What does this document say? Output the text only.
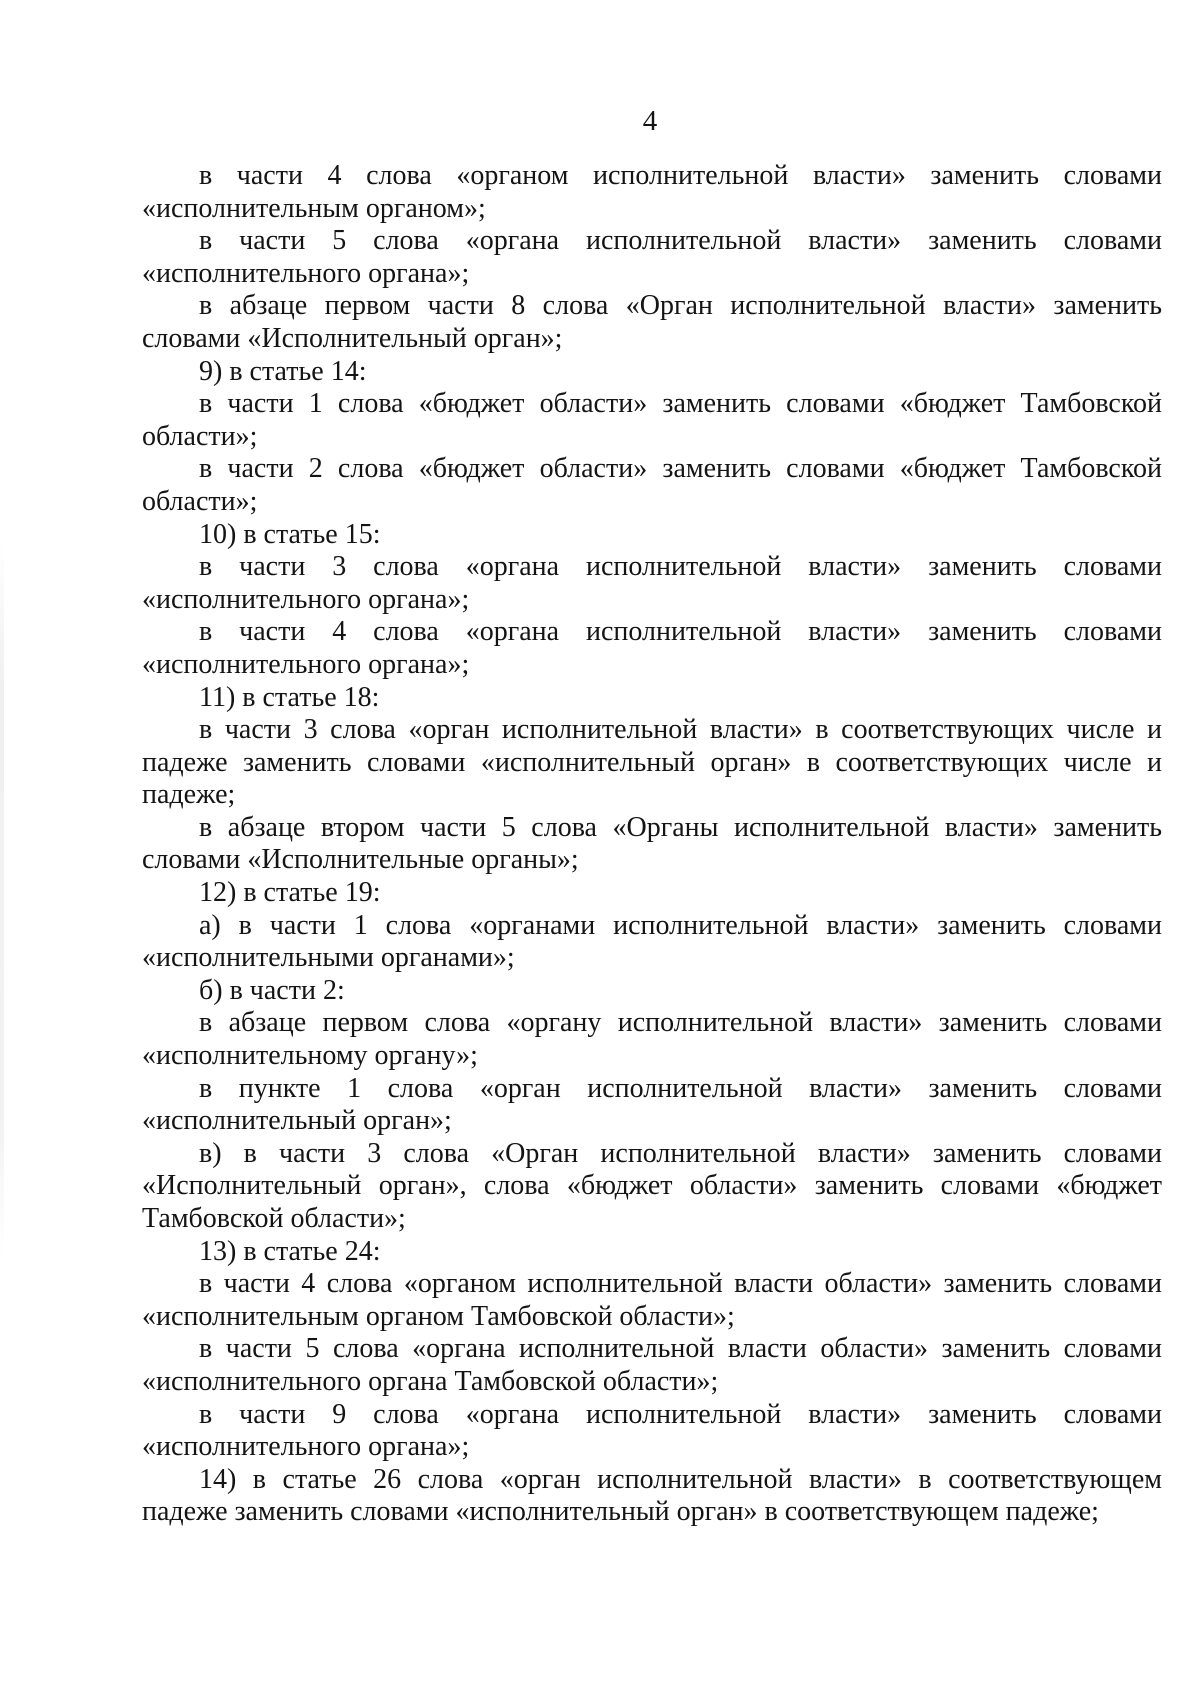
4

в части 4 слова «органом исполнительной власти» заменить словами «исполнительным органом»;

в части 5 слова «органа исполнительной власти» заменить словами «исполнительного органа»;

в абзаце первом части 8 слова «Орган исполнительной власти» заменить словами «Исполнительный орган»;

9) в статье 14:

в части 1 слова «бюджет области» заменить словами «бюджет Тамбовской области»;

в части 2 слова «бюджет области» заменить словами «бюджет Тамбовской области»;

10) в статье 15:

в части 3 слова «органа исполнительной власти» заменить словами «исполнительного органа»;

в части 4 слова «органа исполнительной власти» заменить словами «исполнительного органа»;

11) в статье 18:

в части 3 слова «орган исполнительной власти» в соответствующих числе и падеже заменить словами «исполнительный орган» в соответствующих числе и падеже;

в абзаце втором части 5 слова «Органы исполнительной власти» заменить словами «Исполнительные органы»;

12) в статье 19:

а) в части 1 слова «органами исполнительной власти» заменить словами «исполнительными органами»;

б) в части 2:

в абзаце первом слова «органу исполнительной власти» заменить словами «исполнительному органу»;

в пункте 1 слова «орган исполнительной власти» заменить словами «исполнительный орган»;

в) в части 3 слова «Орган исполнительной власти» заменить словами «Исполнительный орган», слова «бюджет области» заменить словами «бюджет Тамбовской области»;

13) в статье 24:

в части 4 слова «органом исполнительной власти области» заменить словами «исполнительным органом Тамбовской области»;

в части 5 слова «органа исполнительной власти области» заменить словами «исполнительного органа Тамбовской области»;

в части 9 слова «органа исполнительной власти» заменить словами «исполнительного органа»;

14) в статье 26 слова «орган исполнительной власти» в соответствующем падеже заменить словами «исполнительный орган» в соответствующем падеже;
